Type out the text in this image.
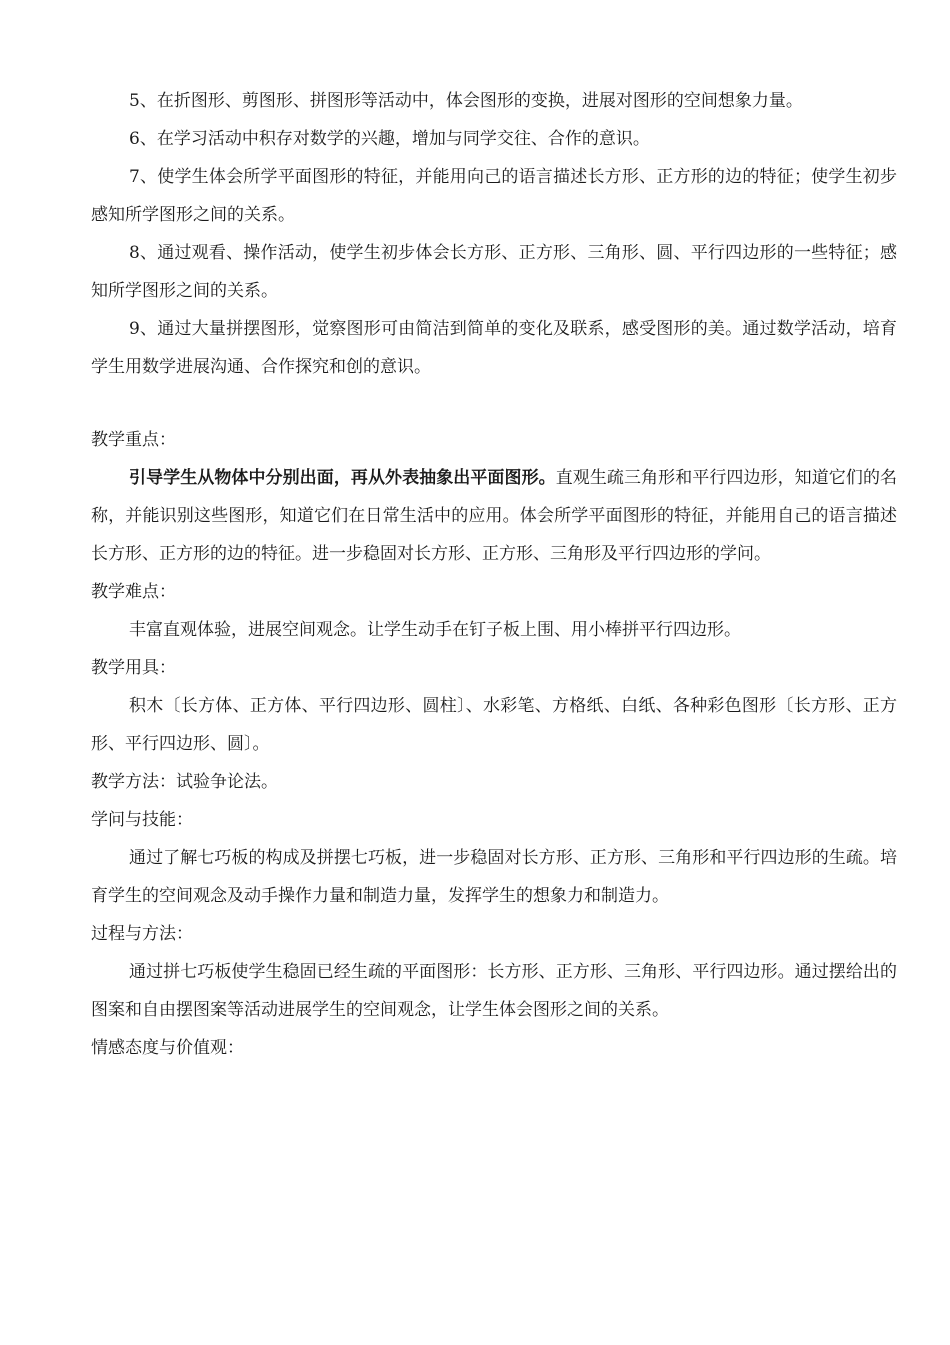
5、在折图形、剪图形、拼图形等活动中，体会图形的变换，进展对图形的空间想象力量。

6、在学习活动中积存对数学的兴趣，增加与同学交往、合作的意识。

7、使学生体会所学平面图形的特征，并能用向己的语言描述长方形、正方形的边的特征；使学生初步感知所学图形之间的关系。

8、通过观看、操作活动，使学生初步体会长方形、正方形、三角形、圆、平行四边形的一些特征；感知所学图形之间的关系。

9、通过大量拼摆图形，觉察图形可由简洁到简单的变化及联系，感受图形的美。通过数学活动，培育学生用数学进展沟通、合作探究和创的意识。

教学重点：

引导学生从物体中分别出面，再从外表抽象出平面图形。直观生疏三角形和平行四边形，知道它们的名称，并能识别这些图形，知道它们在日常生活中的应用。体会所学平面图形的特征，并能用自己的语言描述长方形、正方形的边的特征。进一步稳固对长方形、正方形、三角形及平行四边形的学问。

教学难点：

丰富直观体验，进展空间观念。让学生动手在钉子板上围、用小棒拼平行四边形。

教学用具：

积木〔长方体、正方体、平行四边形、圆柱〕、水彩笔、方格纸、白纸、各种彩色图形〔长方形、正方形、平行四边形、圆〕。

教学方法：试验争论法。

学问与技能：

通过了解七巧板的构成及拼摆七巧板，进一步稳固对长方形、正方形、三角形和平行四边形的生疏。培育学生的空间观念及动手操作力量和制造力量，发挥学生的想象力和制造力。

过程与方法：

通过拼七巧板使学生稳固已经生疏的平面图形：长方形、正方形、三角形、平行四边形。通过摆给出的图案和自由摆图案等活动进展学生的空间观念，让学生体会图形之间的关系。

情感态度与价值观：
